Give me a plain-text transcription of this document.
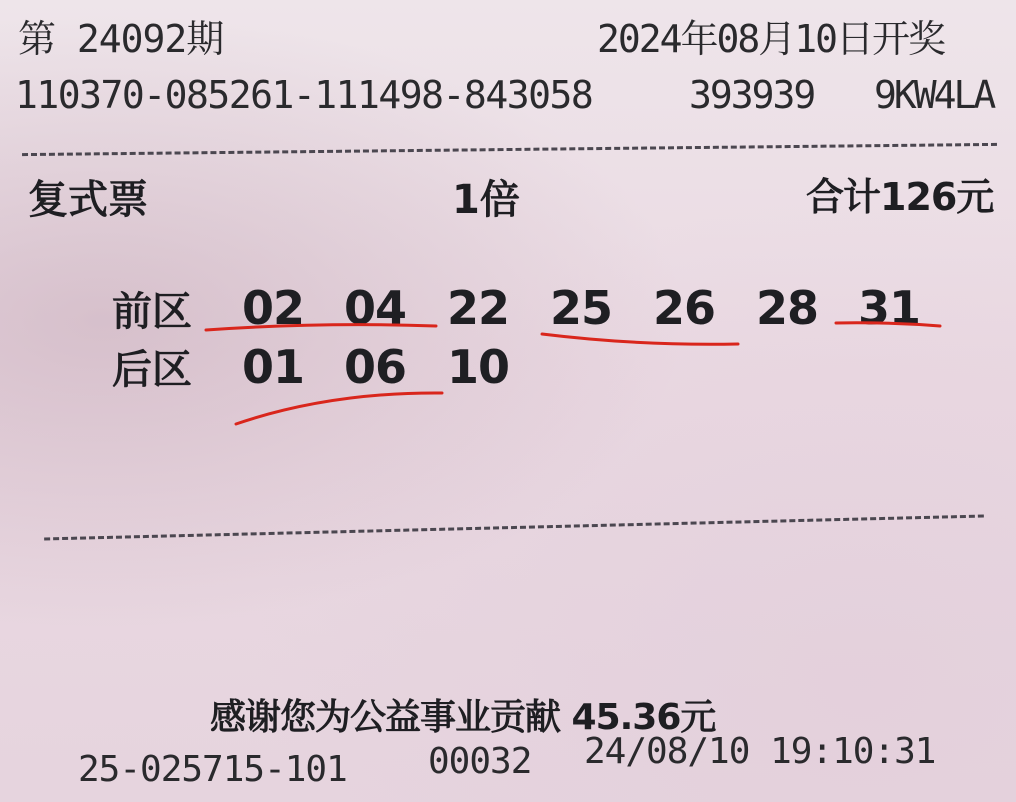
第 24092期	2024年08月10日开奖
110370-085261-111498-843058	393939 9KW4LA
复式票	1倍	合计126元
前区 02 04 22 25 26 28 31
后区 01 06 10
感谢您为公益事业贡献 45.36元
25-025715-101 00032 24/08/10 19:10:31
